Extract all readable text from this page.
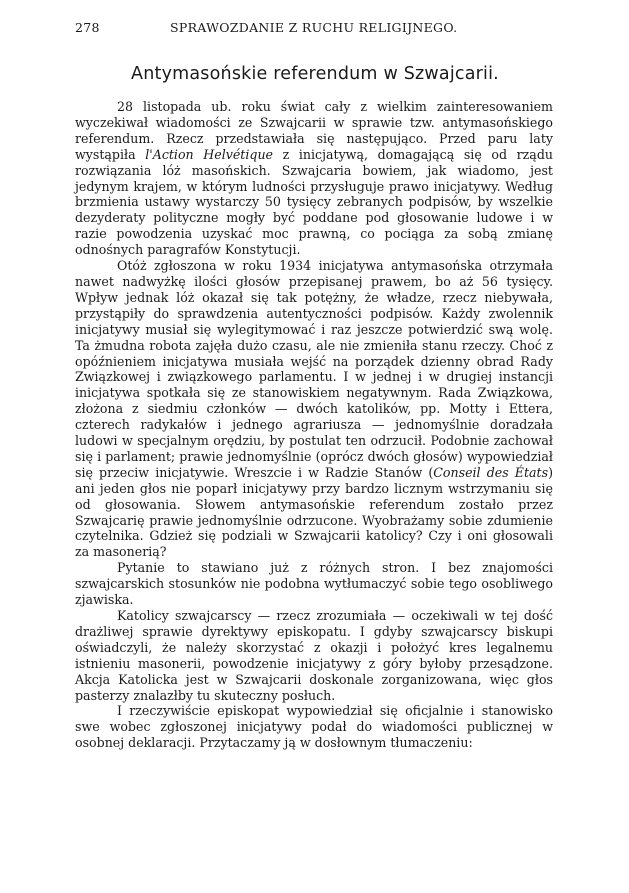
278	SPRAWOZDANIE Z RUCHU RELIGIJNEGO.
Antymasońskie referendum w Szwajcarii.

28 listopada ub. roku świat cały z wielkim zainteresowaniem wyczekiwał wiadomości ze Szwajcarii w sprawie tzw. antymasońskiego referendum. Rzecz przedstawiała się następująco. Przed paru laty wystąpiła l'Action Helvétique z inicjatywą, domagającą się od rządu rozwiązania lóż masońskich. Szwajcaria bowiem, jak wiadomo, jest jedynym krajem, w którym ludności przysługuje prawo inicjatywy. Według brzmienia ustawy wystarczy 50 tysięcy zebranych podpisów, by wszelkie dezyderaty polityczne mogły być poddane pod głosowanie ludowe i w razie powodzenia uzyskać moc prawną, co pociąga za sobą zmianę odnośnych paragrafów Konstytucji.

Otóż zgłoszona w roku 1934 inicjatywa antymasońska otrzymała nawet nadwyżkę ilości głosów przepisanej prawem, bo aż 56 tysięcy. Wpływ jednak lóż okazał się tak potężny, że władze, rzecz niebywała, przystąpiły do sprawdzenia autentyczności podpisów. Każdy zwolennik inicjatywy musiał się wylegitymować i raz jeszcze potwierdzić swą wolę. Ta żmudna robota zajęła dużo czasu, ale nie zmieniła stanu rzeczy. Choć z opóźnieniem inicjatywa musiała wejść na porządek dzienny obrad Rady Związkowej i związkowego parlamentu. I w jednej i w drugiej instancji inicjatywa spotkała się ze stanowiskiem negatywnym. Rada Związkowa, złożona z siedmiu członków — dwóch katolików, pp. Motty i Ettera, czterech radykałów i jednego agrariusza — jednomyślnie doradzała ludowi w specjalnym orędziu, by postulat ten odrzucił. Podobnie zachował się i parlament; prawie jednomyślnie (oprócz dwóch głosów) wypowiedział się przeciw inicjatywie. Wreszcie i w Radzie Stanów (Conseil des États) ani jeden głos nie poparł inicjatywy przy bardzo licznym wstrzymaniu się od głosowania. Słowem antymasońskie referendum zostało przez Szwajcarię prawie jednomyślnie odrzucone. Wyobrażamy sobie zdumienie czytelnika. Gdzież się podziali w Szwajcarii katolicy? Czy i oni głosowali za masonerią?

Pytanie to stawiano już z różnych stron. I bez znajomości szwajcarskich stosunków nie podobna wytłumaczyć sobie tego osobliwego zjawiska.

Katolicy szwajcarscy — rzecz zrozumiała — oczekiwali w tej dość drażliwej sprawie dyrektywy episkopatu. I gdyby szwajcarscy biskupi oświadczyli, że należy skorzystać z okazji i położyć kres legalnemu istnieniu masonerii, powodzenie inicjatywy z góry byłoby przesądzone. Akcja Katolicka jest w Szwajcarii doskonale zorganizowana, więc głos pasterzy znalazłby tu skuteczny posłuch.

I rzeczywiście episkopat wypowiedział się oficjalnie i stanowisko swe wobec zgłoszonej inicjatywy podał do wiadomości publicznej w osobnej deklaracji. Przytaczamy ją w dosłownym tłumaczeniu:
